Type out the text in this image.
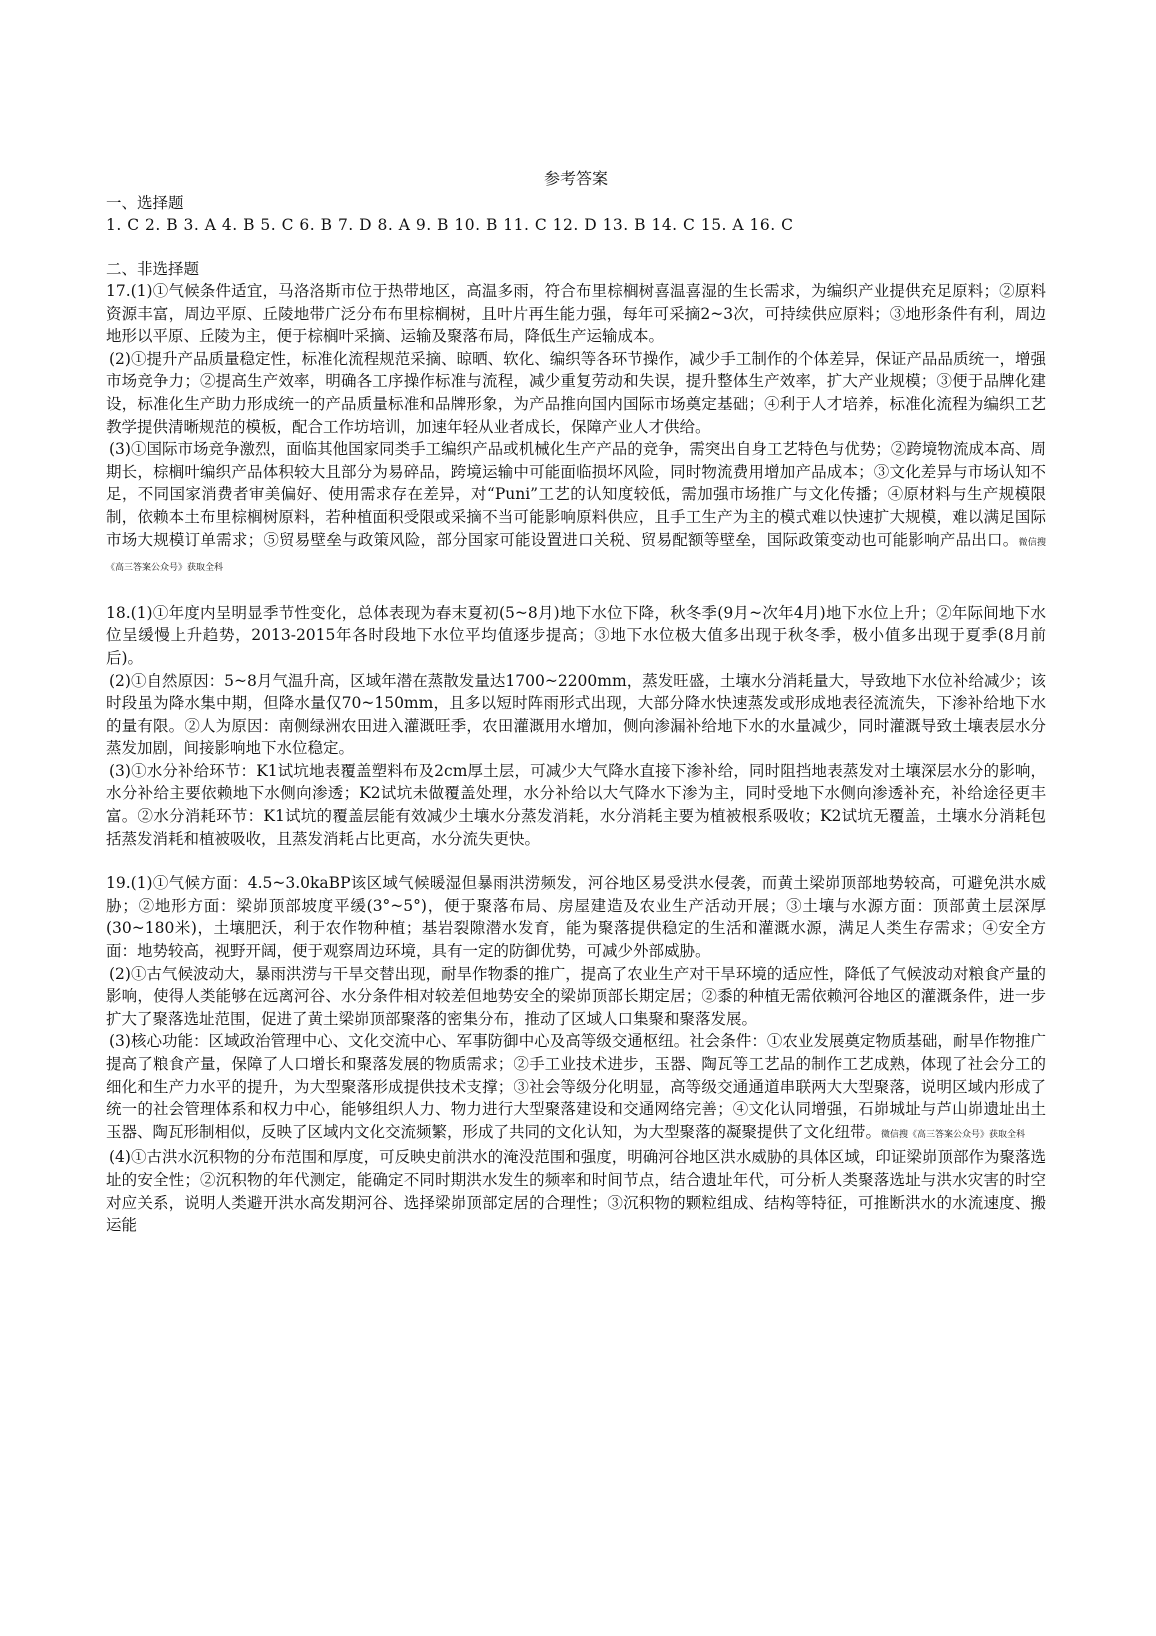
参考答案
一、选择题
1. C 2. B 3. A 4. B 5. C 6. B 7. D 8. A 9. B 10. B 11. C 12. D 13. B 14. C 15. A 16. C
二、非选择题

17.(1)①气候条件适宜，马洛洛斯市位于热带地区，高温多雨，符合布里棕榈树喜温喜湿的生长需求，为编织产业提供充足原料；②原料资源丰富，周边平原、丘陵地带广泛分布布里棕榈树，且叶片再生能力强，每年可采摘2~3次，可持续供应原料；③地形条件有利，周边地形以平原、丘陵为主，便于棕榈叶采摘、运输及聚落布局，降低生产运输成本。

(2)①提升产品质量稳定性，标准化流程规范采摘、晾晒、软化、编织等各环节操作，减少手工制作的个体差异，保证产品品质统一，增强市场竞争力；②提高生产效率，明确各工序操作标准与流程，减少重复劳动和失误，提升整体生产效率，扩大产业规模；③便于品牌化建设，标准化生产助力形成统一的产品质量标准和品牌形象，为产品推向国内国际市场奠定基础；④利于人才培养，标准化流程为编织工艺教学提供清晰规范的模板，配合工作坊培训，加速年轻从业者成长，保障产业人才供给。

(3)①国际市场竞争激烈，面临其他国家同类手工编织产品或机械化生产产品的竞争，需突出自身工艺特色与优势；②跨境物流成本高、周期长，棕榈叶编织产品体积较大且部分为易碎品，跨境运输中可能面临损坏风险，同时物流费用增加产品成本；③文化差异与市场认知不足，不同国家消费者审美偏好、使用需求存在差异，对“Puni”工艺的认知度较低，需加强市场推广与文化传播；④原材料与生产规模限制，依赖本土布里棕榈树原料，若种植面积受限或采摘不当可能影响原料供应，且手工生产为主的模式难以快速扩大规模，难以满足国际市场大规模订单需求；⑤贸易壁垒与政策风险，部分国家可能设置进口关税、贸易配额等壁垒，国际政策变动也可能影响产品出口。微信搜《高三答案公众号》获取全科

18.(1)①年度内呈明显季节性变化，总体表现为春末夏初(5~8月)地下水位下降，秋冬季(9月~次年4月)地下水位上升；②年际间地下水位呈缓慢上升趋势，2013-2015年各时段地下水位平均值逐步提高；③地下水位极大值多出现于秋冬季，极小值多出现于夏季(8月前后)。

(2)①自然原因：5~8月气温升高，区域年潜在蒸散发量达1700~2200mm，蒸发旺盛，土壤水分消耗量大，导致地下水位补给减少；该时段虽为降水集中期，但降水量仅70~150mm，且多以短时阵雨形式出现，大部分降水快速蒸发或形成地表径流流失，下渗补给地下水的量有限。②人为原因：南侧绿洲农田进入灌溉旺季，农田灌溉用水增加，侧向渗漏补给地下水的水量减少，同时灌溉导致土壤表层水分蒸发加剧，间接影响地下水位稳定。

(3)①水分补给环节：K1试坑地表覆盖塑料布及2cm厚土层，可减少大气降水直接下渗补给，同时阻挡地表蒸发对土壤深层水分的影响，水分补给主要依赖地下水侧向渗透；K2试坑未做覆盖处理，水分补给以大气降水下渗为主，同时受地下水侧向渗透补充，补给途径更丰富。②水分消耗环节：K1试坑的覆盖层能有效减少土壤水分蒸发消耗，水分消耗主要为植被根系吸收；K2试坑无覆盖，土壤水分消耗包括蒸发消耗和植被吸收，且蒸发消耗占比更高，水分流失更快。

19.(1)①气候方面：4.5~3.0kaBP该区域气候暖湿但暴雨洪涝频发，河谷地区易受洪水侵袭，而黄土梁峁顶部地势较高，可避免洪水威胁；②地形方面：梁峁顶部坡度平缓(3°~5°)，便于聚落布局、房屋建造及农业生产活动开展；③土壤与水源方面：顶部黄土层深厚 (30~180米)，土壤肥沃，利于农作物种植；基岩裂隙潜水发育，能为聚落提供稳定的生活和灌溉水源，满足人类生存需求；④安全方面：地势较高，视野开阔，便于观察周边环境，具有一定的防御优势，可减少外部威胁。

(2)①古气候波动大，暴雨洪涝与干旱交替出现，耐旱作物黍的推广，提高了农业生产对干旱环境的适应性，降低了气候波动对粮食产量的影响，使得人类能够在远离河谷、水分条件相对较差但地势安全的梁峁顶部长期定居；②黍的种植无需依赖河谷地区的灌溉条件，进一步扩大了聚落选址范围，促进了黄土梁峁顶部聚落的密集分布，推动了区域人口集聚和聚落发展。

(3)核心功能：区域政治管理中心、文化交流中心、军事防御中心及高等级交通枢纽。社会条件：①农业发展奠定物质基础，耐旱作物推广提高了粮食产量，保障了人口增长和聚落发展的物质需求；②手工业技术进步，玉器、陶瓦等工艺品的制作工艺成熟，体现了社会分工的细化和生产力水平的提升，为大型聚落形成提供技术支撑；③社会等级分化明显，高等级交通通道串联两大大型聚落，说明区域内形成了统一的社会管理体系和权力中心，能够组织人力、物力进行大型聚落建设和交通网络完善；④文化认同增强，石峁城址与芦山峁遗址出土玉器、陶瓦形制相似，反映了区域内文化交流频繁，形成了共同的文化认知，为大型聚落的凝聚提供了文化纽带。微信搜《高三答案公众号》获取全科

(4)①古洪水沉积物的分布范围和厚度，可反映史前洪水的淹没范围和强度，明确河谷地区洪水威胁的具体区域，印证梁峁顶部作为聚落选址的安全性；②沉积物的年代测定，能确定不同时期洪水发生的频率和时间节点，结合遗址年代，可分析人类聚落选址与洪水灾害的时空对应关系，说明人类避开洪水高发期河谷、选择梁峁顶部定居的合理性；③沉积物的颗粒组成、结构等特征，可推断洪水的水流速度、搬运能
